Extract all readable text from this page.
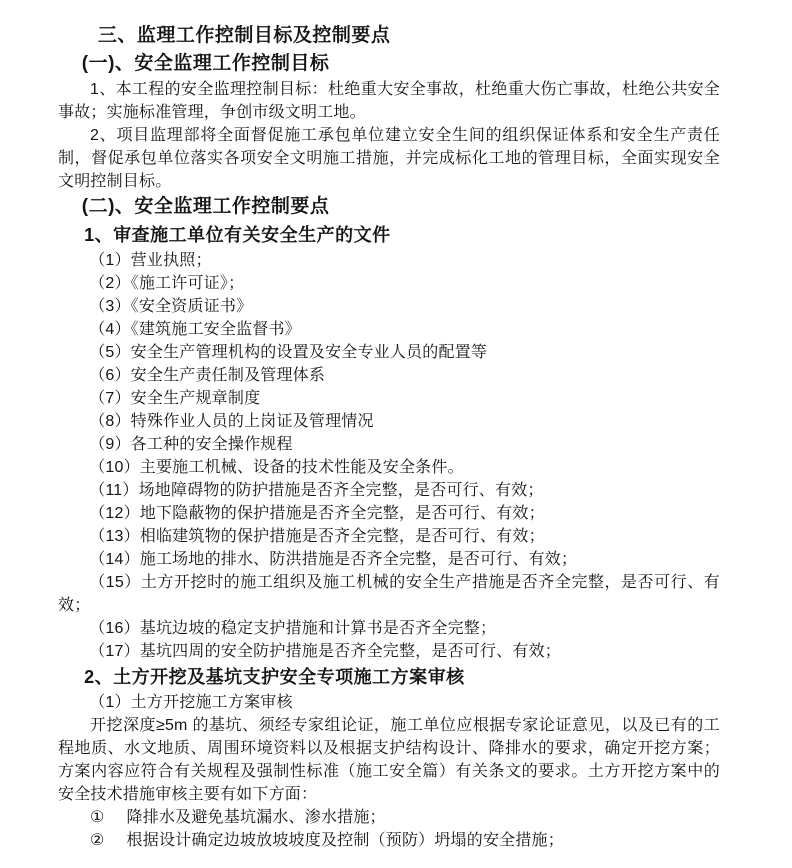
三、监理工作控制目标及控制要点
(一)、安全监理工作控制目标

1、本工程的安全监理控制目标：杜绝重大安全事故，杜绝重大伤亡事故，杜绝公共安全事故；实施标准管理，争创市级文明工地。

2、项目监理部将全面督促施工承包单位建立安全生间的组织保证体系和安全生产责任制，督促承包单位落实各项安全文明施工措施，并完成标化工地的管理目标，全面实现安全文明控制目标。

(二)、安全监理工作控制要点
1、审查施工单位有关安全生产的文件

（1）营业执照；

（2）《施工许可证》；

（3）《安全资质证书》

（4）《建筑施工安全监督书》

（5）安全生产管理机构的设置及安全专业人员的配置等

（6）安全生产责任制及管理体系

（7）安全生产规章制度

（8）特殊作业人员的上岗证及管理情况

（9）各工种的安全操作规程

（10）主要施工机械、设备的技术性能及安全条件。

（11）场地障碍物的防护措施是否齐全完整，是否可行、有效；

（12）地下隐蔽物的保护措施是否齐全完整，是否可行、有效；

（13）相临建筑物的保护措施是否齐全完整，是否可行、有效；

（14）施工场地的排水、防洪措施是否齐全完整，是否可行、有效；

（15）土方开挖时的施工组织及施工机械的安全生产措施是否齐全完整，是否可行、有效；

（16）基坑边坡的稳定支护措施和计算书是否齐全完整；

（17）基坑四周的安全防护措施是否齐全完整，是否可行、有效；

2、土方开挖及基坑支护安全专项施工方案审核

（1）土方开挖施工方案审核

开挖深度≥5m 的基坑、须经专家组论证，施工单位应根据专家论证意见，以及已有的工程地质、水文地质、周围环境资料以及根据支护结构设计、降排水的要求，确定开挖方案；方案内容应符合有关规程及强制性标准（施工安全篇）有关条文的要求。土方开挖方案中的安全技术措施审核主要有如下方面：

① 降排水及避免基坑漏水、渗水措施；

② 根据设计确定边坡放坡坡度及控制（预防）坍塌的安全措施；
